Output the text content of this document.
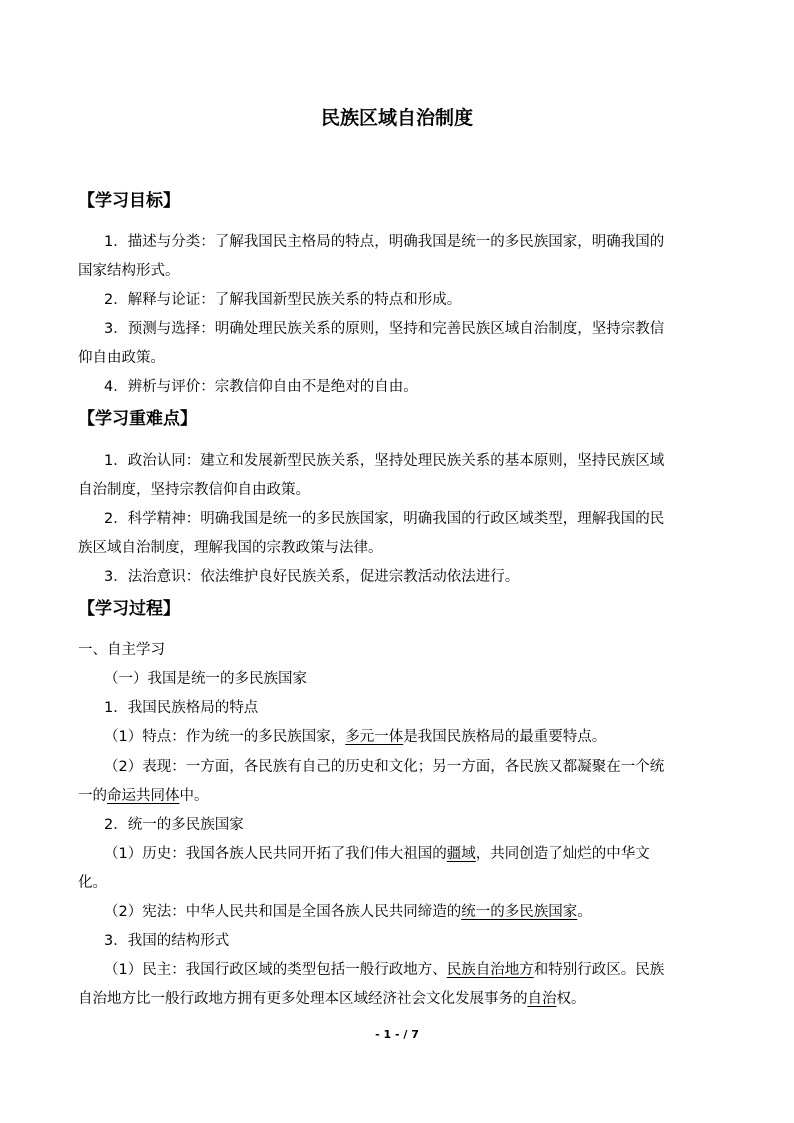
民族区域自治制度
【学习目标】
1．描述与分类：了解我国民主格局的特点，明确我国是统一的多民族国家，明确我国的
国家结构形式。
2．解释与论证：了解我国新型民族关系的特点和形成。
3．预测与选择：明确处理民族关系的原则，坚持和完善民族区域自治制度，坚持宗教信
仰自由政策。
4．辨析与评价：宗教信仰自由不是绝对的自由。
【学习重难点】
1．政治认同：建立和发展新型民族关系，坚持处理民族关系的基本原则，坚持民族区域
自治制度，坚持宗教信仰自由政策。
2．科学精神：明确我国是统一的多民族国家，明确我国的行政区域类型，理解我国的民
族区域自治制度，理解我国的宗教政策与法律。
3．法治意识：依法维护良好民族关系，促进宗教活动依法进行。
【学习过程】
一、自主学习
（一）我国是统一的多民族国家
1．我国民族格局的特点
（1）特点：作为统一的多民族国家，多元一体是我国民族格局的最重要特点。
（2）表现：一方面，各民族有自己的历史和文化；另一方面，各民族又都凝聚在一个统
一的命运共同体中。
2．统一的多民族国家
（1）历史：我国各族人民共同开拓了我们伟大祖国的疆域，共同创造了灿烂的中华文
化。
（2）宪法：中华人民共和国是全国各族人民共同缔造的统一的多民族国家。
3．我国的结构形式
（1）民主：我国行政区域的类型包括一般行政地方、民族自治地方和特别行政区。民族
自治地方比一般行政地方拥有更多处理本区域经济社会文化发展事务的自治权。
- 1 - / 7
